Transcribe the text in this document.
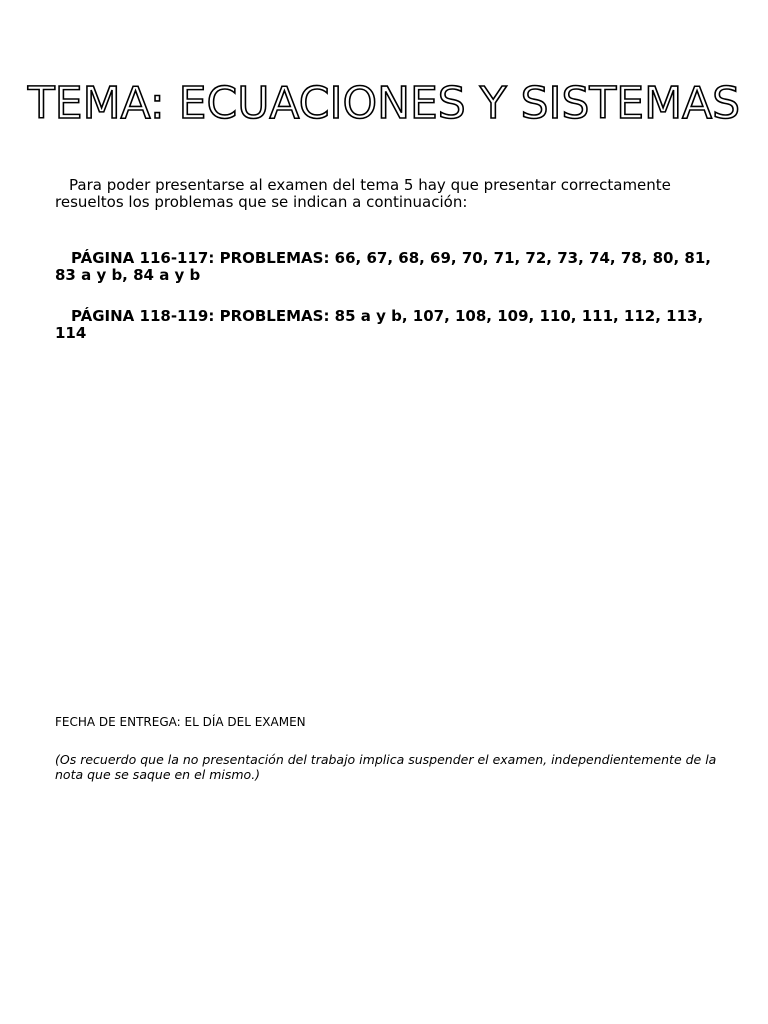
TEMA: ECUACIONES Y SISTEMAS

Para poder presentarse al examen del tema 5 hay que presentar correctamente resueltos los problemas que se indican a continuación:

PÁGINA 116-117: PROBLEMAS: 66, 67, 68, 69, 70, 71, 72, 73, 74, 78, 80, 81, 83 a y b, 84 a y b

PÁGINA 118-119: PROBLEMAS: 85 a y b, 107, 108, 109, 110, 111, 112, 113, 114

FECHA DE ENTREGA: EL DÍA DEL EXAMEN

(Os recuerdo que la no presentación del trabajo implica suspender el examen, independientemente de la nota que se saque en el mismo.)
